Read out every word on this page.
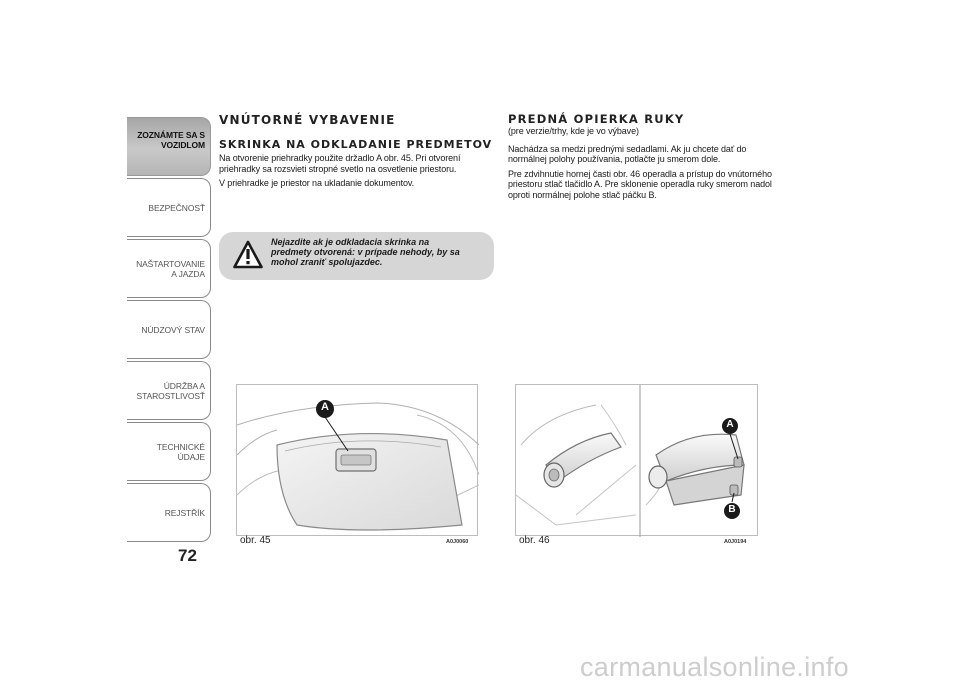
ZOZNÁMTE SA S VOZIDLOM
BEZPEČNOSŤ
NAŠTARTOVANIE A JAZDA
NÚDZOVÝ STAV
ÚDRŽBA A STAROSTLIVOSŤ
TECHNICKÉ ÚDAJE
REJSTŘÍK
72
VNÚTORNÉ VYBAVENIE
SKRINKA NA ODKLADANIE PREDMETOV

Na otvorenie priehradky použite držadlo A obr. 45. Pri otvorení priehradky sa rozsvieti stropné svetlo na osvetlenie priestoru.

V priehradke je priestor na ukladanie dokumentov.

Nejazdite ak je odkladacia skrinka na predmety otvorená: v prípade nehody, by sa mohol zraniť spolujazdec.
PREDNÁ OPIERKA RUKY

(pre verzie/trhy, kde je vo výbave)

Nachádza sa medzi prednými sedadlami. Ak ju chcete dať do normálnej polohy používania, potlačte ju smerom dole.

Pre zdvihnutie hornej časti obr. 46 operadla a prístup do vnútorného priestoru stlač tlačidlo A. Pre sklonenie operadla ruky smerom nadol oproti normálnej polohe stlač páčku B.

A
obr. 45	A0J0060
A
B
obr. 46	A0J0194
carmanualsonline.info
